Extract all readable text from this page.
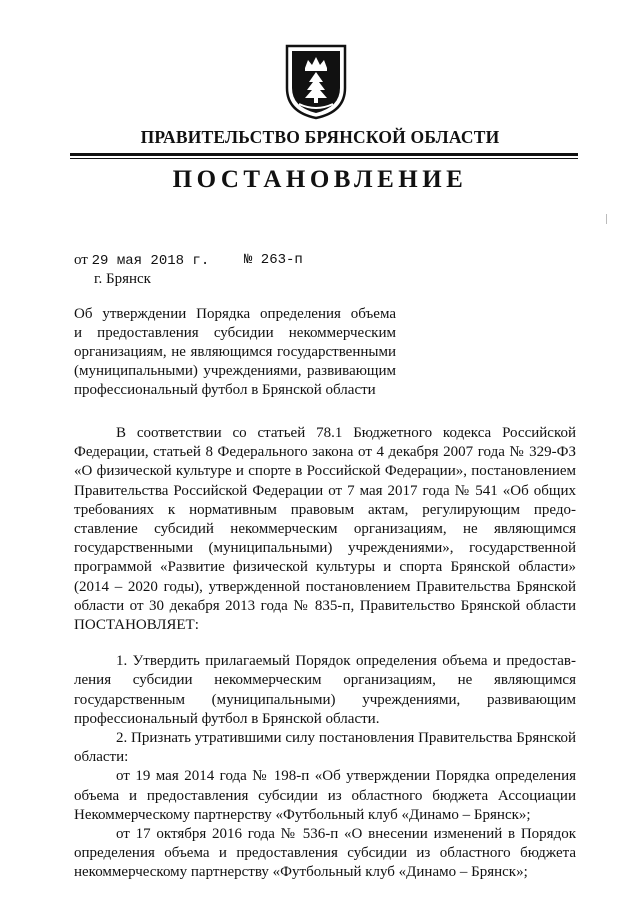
ПРАВИТЕЛЬСТВО БРЯНСКОЙ ОБЛАСТИ
ПОСТАНОВЛЕНИЕ
от 29 мая 2018 г. № 263-п
г. Брянск
Об утверждении Порядка определения объема
и предоставления субсидии некоммерческим
организациям, не являющимся государственными
(муниципальными) учреждениями, развивающим
профессиональный футбол в Брянской области
В соответствии со статьей 78.1 Бюджетного кодекса Российской
Федерации, статьей 8 Федерального закона от 4 декабря 2007 года № 329-ФЗ
«О физической культуре и спорте в Российской Федерации», постановлением
Правительства Российской Федерации от 7 мая 2017 года № 541 «Об общих
требованиях к нормативным правовым актам, регулирующим предо-
ставление субсидий некоммерческим организациям, не являющимся
государственными (муниципальными) учреждениями», государственной
программой «Развитие физической культуры и спорта Брянской области»
(2014 – 2020 годы), утвержденной постановлением Правительства Брянской
области от 30 декабря 2013 года № 835-п, Правительство Брянской области
ПОСТАНОВЛЯЕТ:
1. Утвердить прилагаемый Порядок определения объема и предостав-
ления субсидии некоммерческим организациям, не являющимся
государственным (муниципальными) учреждениями, развивающим
профессиональный футбол в Брянской области.
2. Признать утратившими силу постановления Правительства Брянской
области:
от 19 мая 2014 года № 198-п «Об утверждении Порядка определения
объема и предоставления субсидии из областного бюджета Ассоциации
Некоммерческому партнерству «Футбольный клуб «Динамо – Брянск»;
от 17 октября 2016 года № 536-п «О внесении изменений в Порядок
определения объема и предоставления субсидии из областного бюджета
некоммерческому партнерству «Футбольный клуб «Динамо – Брянск»;
